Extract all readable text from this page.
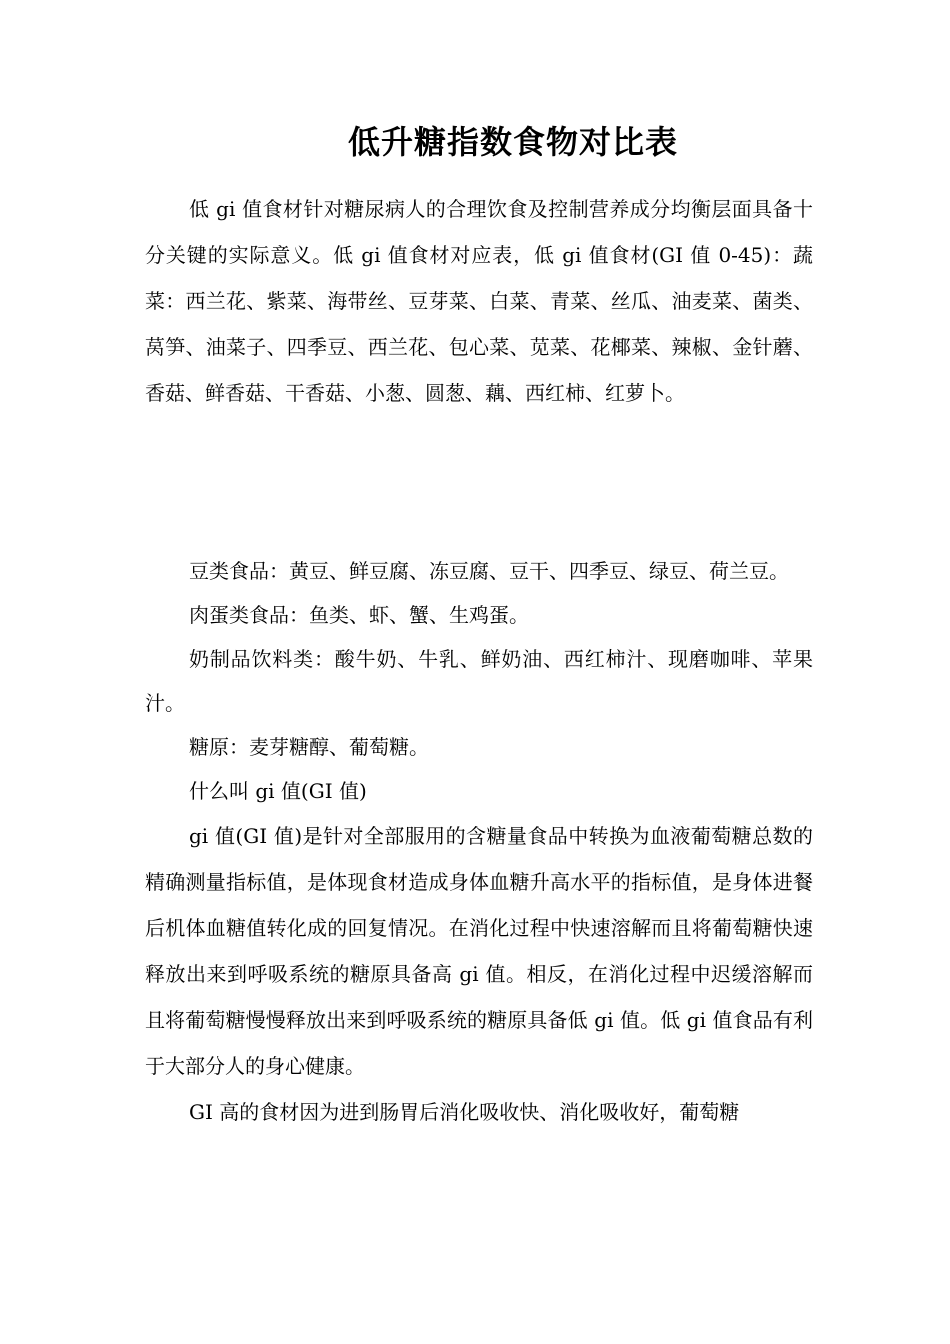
低升糖指数食物对比表

低 gi 值食材针对糖尿病人的合理饮食及控制营养成分均衡层面具备十分关键的实际意义。低 gi 值食材对应表，低 gi 值食材(GI 值 0-45)：蔬菜：西兰花、紫菜、海带丝、豆芽菜、白菜、青菜、丝瓜、油麦菜、菌类、莴笋、油菜子、四季豆、西兰花、包心菜、苋菜、花椰菜、辣椒、金针蘑、香菇、鲜香菇、干香菇、小葱、圆葱、藕、西红柿、红萝卜。

豆类食品：黄豆、鲜豆腐、冻豆腐、豆干、四季豆、绿豆、荷兰豆。

肉蛋类食品：鱼类、虾、蟹、生鸡蛋。

奶制品饮料类：酸牛奶、牛乳、鲜奶油、西红柿汁、现磨咖啡、苹果汁。

糖原：麦芽糖醇、葡萄糖。

什么叫 gi 值(GI 值)

gi 值(GI 值)是针对全部服用的含糖量食品中转换为血液葡萄糖总数的精确测量指标值，是体现食材造成身体血糖升高水平的指标值，是身体进餐后机体血糖值转化成的回复情况。在消化过程中快速溶解而且将葡萄糖快速释放出来到呼吸系统的糖原具备高 gi 值。相反，在消化过程中迟缓溶解而且将葡萄糖慢慢释放出来到呼吸系统的糖原具备低 gi 值。低 gi 值食品有利于大部分人的身心健康。

GI 高的食材因为进到肠胃后消化吸收快、消化吸收好，葡萄糖
